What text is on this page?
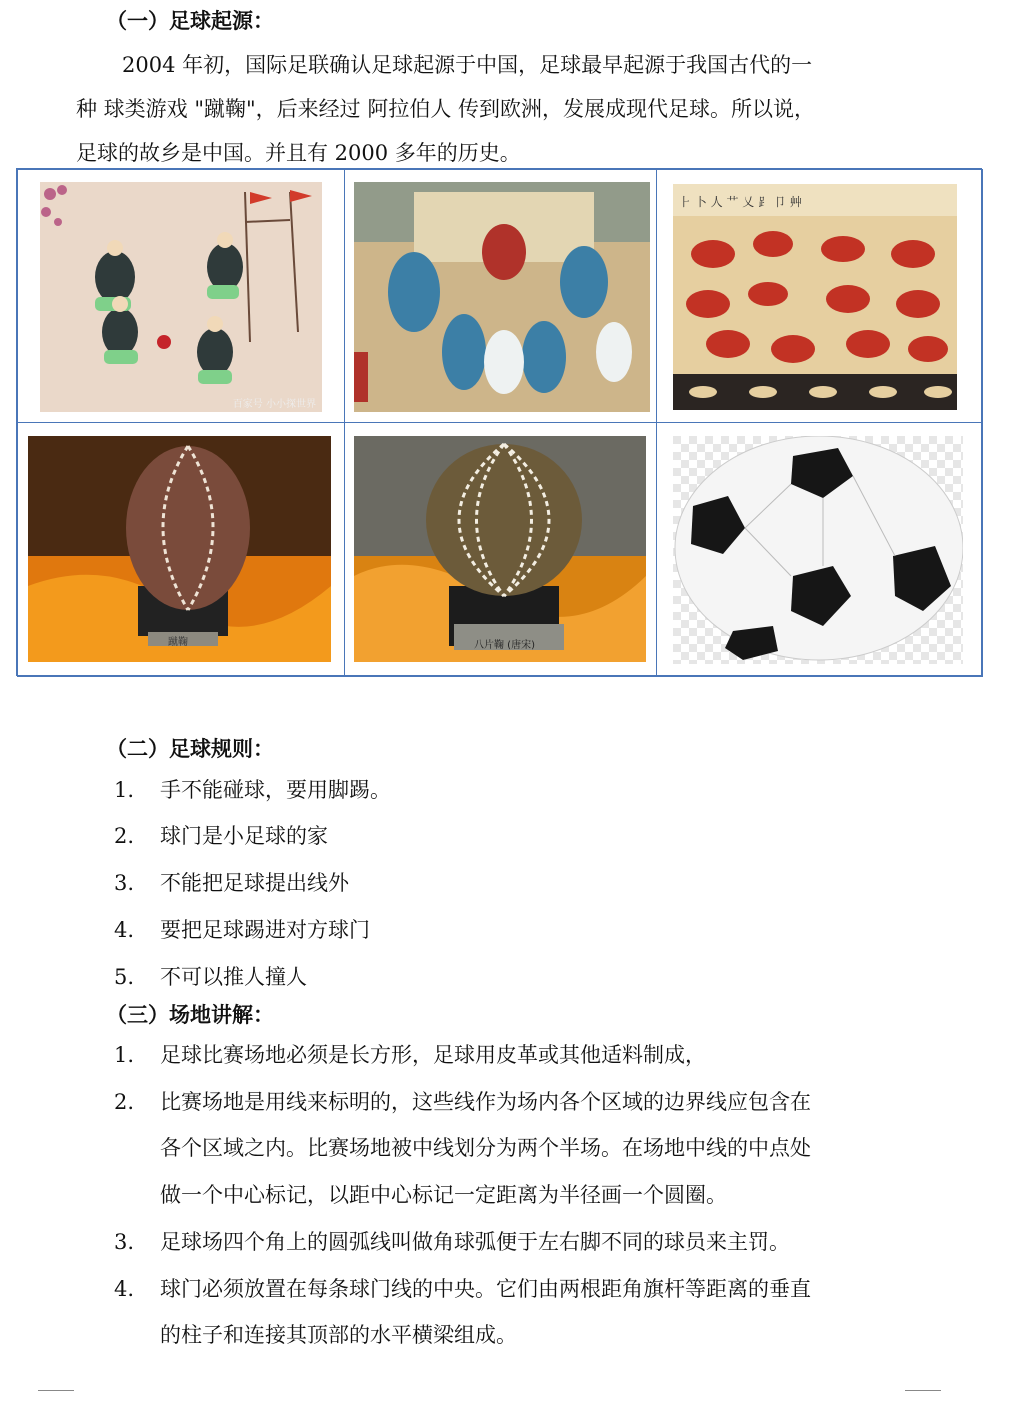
（一）足球起源：
2004 年初，国际足联确认足球起源于中国，足球最早起源于我国古代的一
种 球类游戏 "蹴鞠"，后来经过 阿拉伯人 传到欧洲，发展成现代足球。所以说，
足球的故乡是中国。并且有 2000 多年的历史。
百家号 小小探世界
⺊ 卜 ⼈ ⺾ 乂 ⻊ ⼙ 艸
蹴鞠	八片鞠 (唐宋)
（二）足球规则：
1. 手不能碰球，要用脚踢。
2. 球门是小足球的家
3. 不能把足球提出线外
4. 要把足球踢进对方球门
5. 不可以推人撞人
（三）场地讲解：
1. 足球比赛场地必须是长方形，足球用皮革或其他适料制成，
2. 比赛场地是用线来标明的，这些线作为场内各个区域的边界线应包含在
各个区域之内。比赛场地被中线划分为两个半场。在场地中线的中点处
做一个中心标记，以距中心标记一定距离为半径画一个圆圈。
3. 足球场四个角上的圆弧线叫做角球弧便于左右脚不同的球员来主罚。
4. 球门必须放置在每条球门线的中央。它们由两根距角旗杆等距离的垂直
的柱子和连接其顶部的水平横梁组成。
